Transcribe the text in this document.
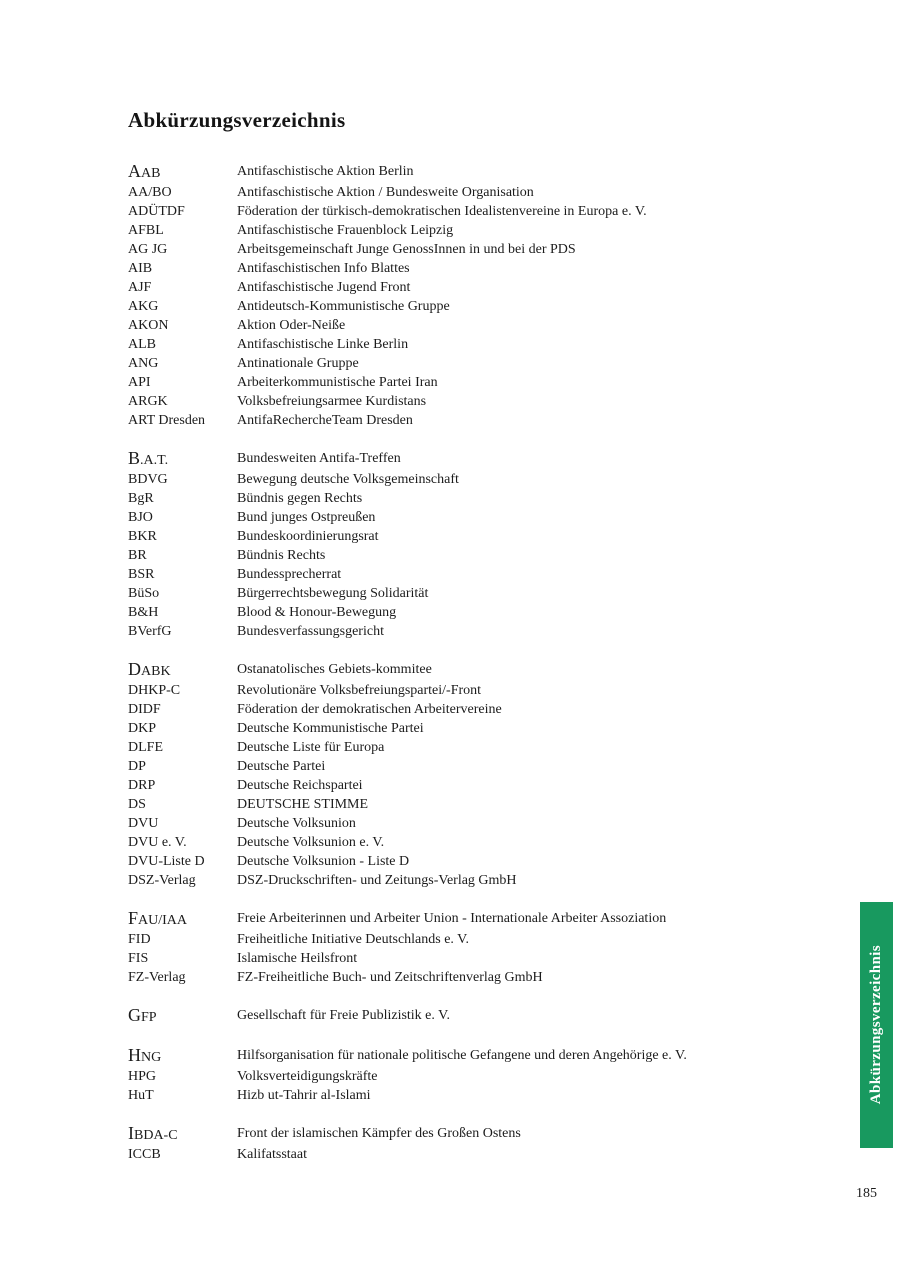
Abkürzungsverzeichnis
AAB	Antifaschistische Aktion Berlin
AA/BO	Antifaschistische Aktion / Bundesweite Organisation
ADÜTDF	Föderation der türkisch-demokratischen Idealistenvereine in Europa e. V.
AFBL	Antifaschistische Frauenblock Leipzig
AG JG	Arbeitsgemeinschaft Junge GenossInnen in und bei der PDS
AIB	Antifaschistischen Info Blattes
AJF	Antifaschistische Jugend Front
AKG	Antideutsch-Kommunistische Gruppe
AKON	Aktion Oder-Neiße
ALB	Antifaschistische Linke Berlin
ANG	Antinationale Gruppe
API	Arbeiterkommunistische Partei Iran
ARGK	Volksbefreiungsarmee Kurdistans
ART Dresden	AntifaRechercheTeam Dresden
B.A.T.	Bundesweiten Antifa-Treffen
BDVG	Bewegung deutsche Volksgemeinschaft
BgR	Bündnis gegen Rechts
BJO	Bund junges Ostpreußen
BKR	Bundeskoordinierungsrat
BR	Bündnis Rechts
BSR	Bundessprecherrat
BüSo	Bürgerrechtsbewegung Solidarität
B&H	Blood & Honour-Bewegung
BVerfG	Bundesverfassungsgericht
DABK	Ostanatolisches Gebiets-kommitee
DHKP-C	Revolutionäre Volksbefreiungspartei/-Front
DIDF	Föderation der demokratischen Arbeitervereine
DKP	Deutsche Kommunistische Partei
DLFE	Deutsche Liste für Europa
DP	Deutsche Partei
DRP	Deutsche Reichspartei
DS	DEUTSCHE STIMME
DVU	Deutsche Volksunion
DVU e. V.	Deutsche Volksunion e. V.
DVU-Liste D	Deutsche Volksunion - Liste D
DSZ-Verlag	DSZ-Druckschriften- und Zeitungs-Verlag GmbH
FAU/IAA	Freie Arbeiterinnen und Arbeiter Union - Internationale Arbeiter Assoziation
FID	Freiheitliche Initiative Deutschlands e. V.
FIS	Islamische Heilsfront
FZ-Verlag	FZ-Freiheitliche Buch- und Zeitschriftenverlag GmbH
GFP	Gesellschaft für Freie Publizistik e. V.
HNG	Hilfsorganisation für nationale politische Gefangene und deren Angehörige e. V.
HPG	Volksverteidigungskräfte
HuT	Hizb ut-Tahrir al-Islami
IBDA-C	Front der islamischen Kämpfer des Großen Ostens
ICCB	Kalifatsstaat
Abkürzungsverzeichnis
185
